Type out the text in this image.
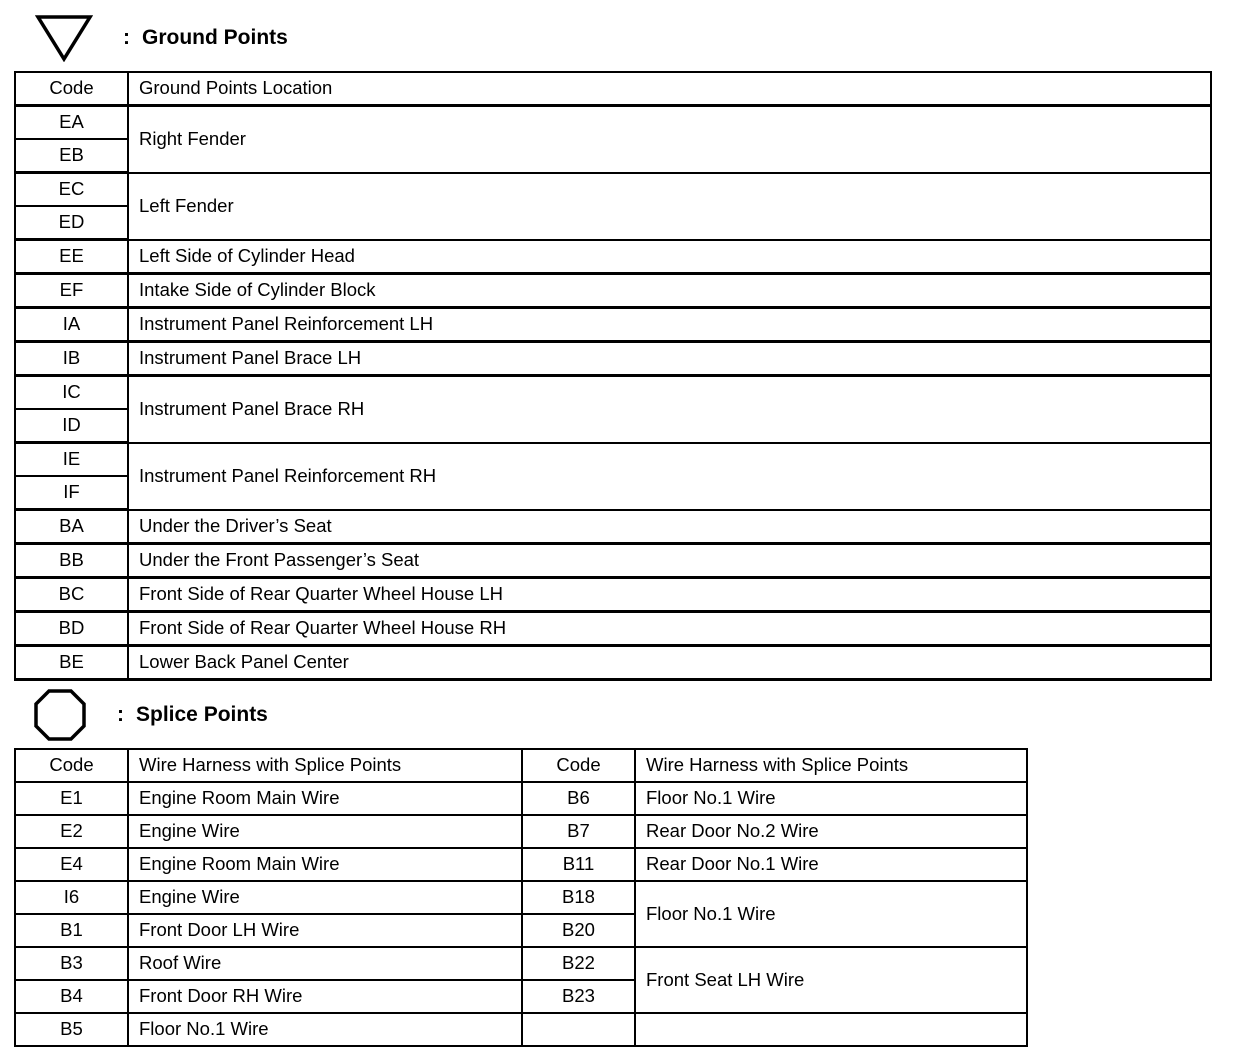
: Ground Points
Code	Ground Points Location
EA	Right Fender
EB	
EC	Left Fender
ED	
EE	Left Side of Cylinder Head
EF	Intake Side of Cylinder Block
IA	Instrument Panel Reinforcement LH
IB	Instrument Panel Brace LH
IC	Instrument Panel Brace RH
ID	
IE	Instrument Panel Reinforcement RH
IF	
BA	Under the Driver’s Seat
BB	Under the Front Passenger’s Seat
BC	Front Side of Rear Quarter Wheel House LH
BD	Front Side of Rear Quarter Wheel House RH
BE	Lower Back Panel Center
: Splice Points
Code	Wire Harness with Splice Points	Code	Wire Harness with Splice Points
E1	Engine Room Main Wire	B6	Floor No.1 Wire
E2	Engine Wire	B7	Rear Door No.2 Wire
E4	Engine Room Main Wire	B11	Rear Door No.1 Wire
I6	Engine Wire	B18	Floor No.1 Wire
B1	Front Door LH Wire	B20	
B3	Roof Wire	B22	Front Seat LH Wire
B4	Front Door RH Wire	B23	
B5	Floor No.1 Wire		
